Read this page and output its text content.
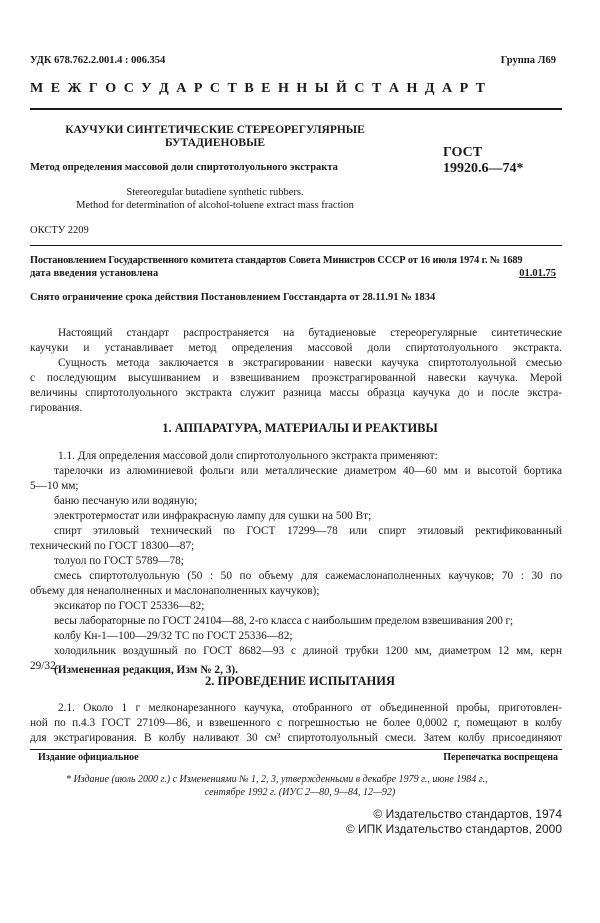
УДК 678.762.2.001.4 : 006.354	Группа Л69
М Е Ж Г О С У Д А Р С Т В Е Н Н Ы Й С Т А Н Д А Р Т
КАУЧУКИ СИНТЕТИЧЕСКИЕ СТЕРЕОРЕГУЛЯРНЫЕ
БУТАДИЕНОВЫЕ
Метод определения массовой доли спиртотолуольного экстракта
Stereoregular butadiene synthetic rubbers.
Method for determination of alcohol-toluene extract mass fraction
ГОСТ
19920.6—74*
ОКСТУ 2209
Постановлением Государственного комитета стандартов Совета Министров СССР от 16 июля 1974 г. № 1689
дата введения установлена	01.01.75
Снято ограничение срока действия Постановлением Госстандарта от 28.11.91 № 1834
Настоящий стандарт распространяется на бутадиеновые стереорегулярные синтетические
каучуки и устанавливает метод определения массовой доли спиртотолуольного экстракта.
Сущность метода заключается в экстрагировании навески каучука спиртотолуольной смесью
с последующим высушиванием и взвешиванием проэкстрагированной навески каучука. Мерой
величины спиртотолуольного экстракта служит разница массы образца каучука до и после экстра-
гирования.
1. АППАРАТУРА, МАТЕРИАЛЫ И РЕАКТИВЫ
1.1. Для определения массовой доли спиртотолуольного экстракта применяют:
тарелочки из алюминиевой фольги или металлические диаметром 40—60 мм и высотой бортика
5—10 мм;
баню песчаную или водяную;
электротермостат или инфракрасную лампу для сушки на 500 Вт;
спирт этиловый технический по ГОСТ 17299—78 или спирт этиловый ректификованный
технический по ГОСТ 18300—87;
толуол по ГОСТ 5789—78;
смесь спиртотолуольную (50 : 50 по объему для сажемаслонаполненных каучуков; 70 : 30 по
объему для ненаполненных и маслонаполненных каучуков);
эксикатор по ГОСТ 25336—82;
весы лабораторные по ГОСТ 24104—88, 2-го класса с наибольшим пределом взвешивания 200 г;
колбу Кн-1—100—29/32 ТС по ГОСТ 25336—82;
холодильник воздушный по ГОСТ 8682—93 с длиной трубки 1200 мм, диаметром 12 мм, керн
29/32.
(Измененная редакция, Изм № 2, 3).
2. ПРОВЕДЕНИЕ ИСПЫТАНИЯ
2.1. Около 1 г мелконарезанного каучука, отобранного от объединенной пробы, приготовлен-
ной по п.4.3 ГОСТ 27109—86, и взвешенного с погрешностью не более 0,0002 г, помещают в колбу
для экстрагирования. В колбу наливают 30 см³ спиртотолуольный смеси. Затем колбу присоединяют
Издание официальное	Перепечатка воспрещена
* Издание (июль 2000 г.) с Изменениями № 1, 2, 3, утвержденными в декабре 1979 г., июне 1984 г.,
сентябре 1992 г. (ИУС 2—80, 9—84, 12—92)
© Издательство стандартов, 1974
© ИПК Издательство стандартов, 2000
